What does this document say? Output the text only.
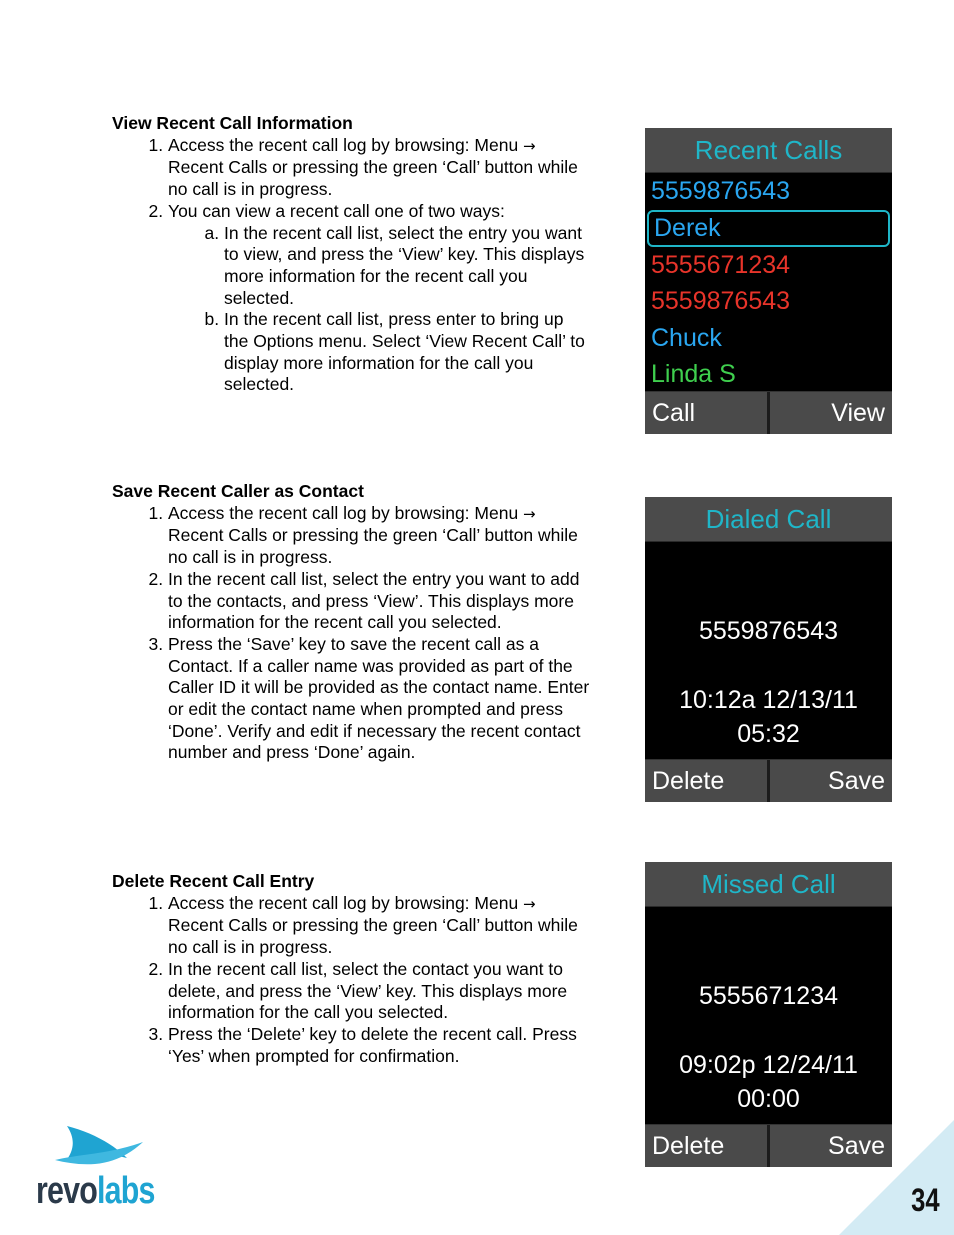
View Recent Call Information
1. Access the recent call log by browsing: Menu → Recent Calls or pressing the green ‘Call’ button while no call is in progress.
2. You can view a recent call one of two ways:
a. In the recent call list, select the entry you want to view, and press the ‘View’ key. This displays more information for the recent call you selected.
b. In the recent call list, press enter to bring up the Options menu. Select ‘View Recent Call’ to display more information for the call you selected.
Save Recent Caller as Contact
1. Access the recent call log by browsing: Menu → Recent Calls or pressing the green ‘Call’ button while no call is in progress.
2. In the recent call list, select the entry you want to add to the contacts, and press ‘View’. This displays more information for the recent call you selected.
3. Press the ‘Save’ key to save the recent call as a Contact. If a caller name was provided as part of the Caller ID it will be provided as the contact name. Enter or edit the contact name when prompted and press ‘Done’. Verify and edit if necessary the recent contact number and press ‘Done’ again.
Delete Recent Call Entry
1. Access the recent call log by browsing: Menu → Recent Calls or pressing the green ‘Call’ button while no call is in progress.
2. In the recent call list, select the contact you want to delete, and press the ‘View’ key. This displays more information for the call you selected.
3. Press the ‘Delete’ key to delete the recent call. Press ‘Yes’ when prompted for confirmation.
Recent Calls
5559876543
Derek
5555671234
5559876543
Chuck
Linda S
Call	View
Dialed Call
5559876543
10:12a 12/13/11
05:32
Delete	Save
Missed Call
5555671234
09:02p 12/24/11
00:00
Delete	Save
revolabs	34
